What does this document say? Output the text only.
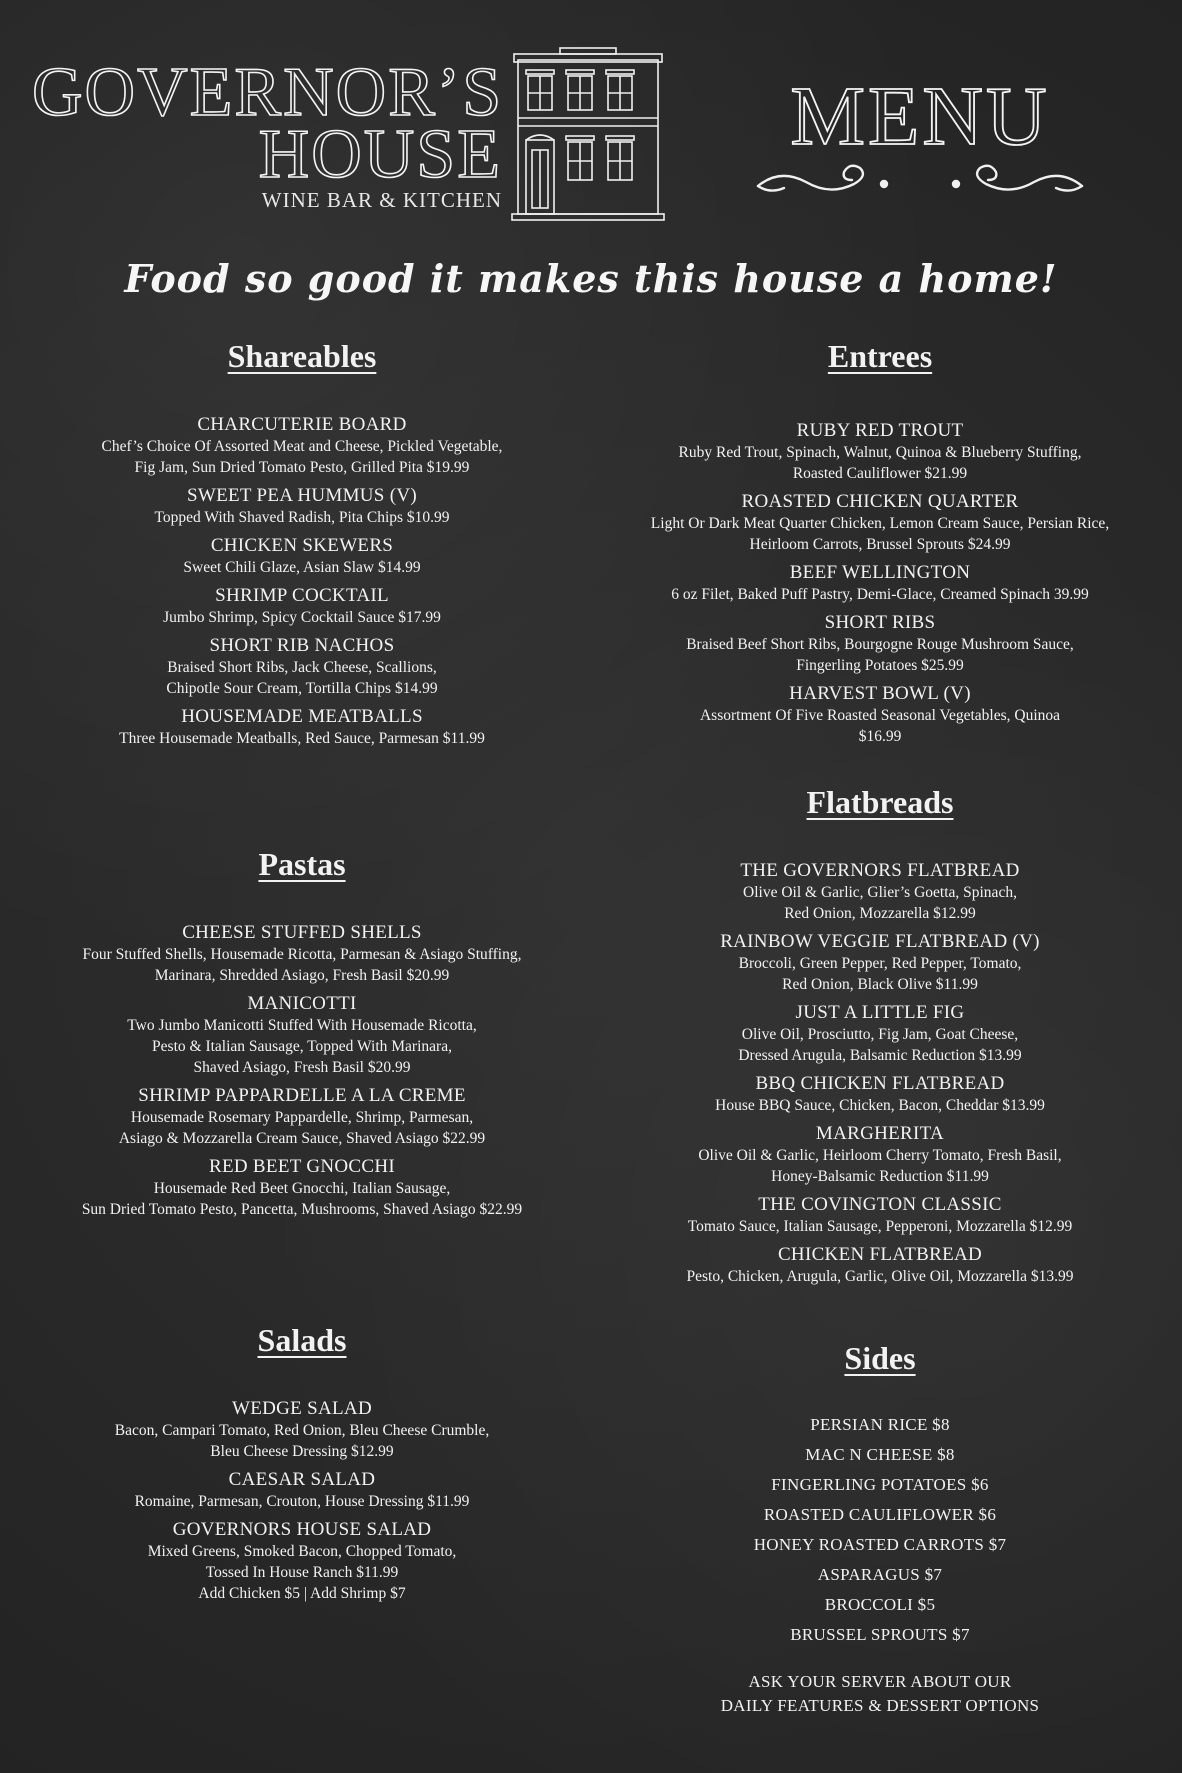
GOVERNOR’S
HOUSE
WINE BAR & KITCHEN
MENU
Food so good it makes this house a home!
Shareables
CHARCUTERIE BOARD
Chef’s Choice Of Assorted Meat and Cheese, Pickled Vegetable,
Fig Jam, Sun Dried Tomato Pesto, Grilled Pita $19.99
SWEET PEA HUMMUS (V)
Topped With Shaved Radish, Pita Chips $10.99
CHICKEN SKEWERS
Sweet Chili Glaze, Asian Slaw $14.99
SHRIMP COCKTAIL
Jumbo Shrimp, Spicy Cocktail Sauce $17.99
SHORT RIB NACHOS
Braised Short Ribs, Jack Cheese, Scallions,
Chipotle Sour Cream, Tortilla Chips $14.99
HOUSEMADE MEATBALLS
Three Housemade Meatballs, Red Sauce, Parmesan $11.99
Pastas
CHEESE STUFFED SHELLS
Four Stuffed Shells, Housemade Ricotta, Parmesan & Asiago Stuffing,
Marinara, Shredded Asiago, Fresh Basil $20.99
MANICOTTI
Two Jumbo Manicotti Stuffed With Housemade Ricotta,
Pesto & Italian Sausage, Topped With Marinara,
Shaved Asiago, Fresh Basil $20.99
SHRIMP PAPPARDELLE A LA CREME
Housemade Rosemary Pappardelle, Shrimp, Parmesan,
Asiago & Mozzarella Cream Sauce, Shaved Asiago $22.99
RED BEET GNOCCHI
Housemade Red Beet Gnocchi, Italian Sausage,
Sun Dried Tomato Pesto, Pancetta, Mushrooms, Shaved Asiago $22.99
Salads
WEDGE SALAD
Bacon, Campari Tomato, Red Onion, Bleu Cheese Crumble,
Bleu Cheese Dressing $12.99
CAESAR SALAD
Romaine, Parmesan, Crouton, House Dressing $11.99
GOVERNORS HOUSE SALAD
Mixed Greens, Smoked Bacon, Chopped Tomato,
Tossed In House Ranch $11.99
Add Chicken $5 | Add Shrimp $7
Entrees
RUBY RED TROUT
Ruby Red Trout, Spinach, Walnut, Quinoa & Blueberry Stuffing,
Roasted Cauliflower $21.99
ROASTED CHICKEN QUARTER
Light Or Dark Meat Quarter Chicken, Lemon Cream Sauce, Persian Rice,
Heirloom Carrots, Brussel Sprouts $24.99
BEEF WELLINGTON
6 oz Filet, Baked Puff Pastry, Demi-Glace, Creamed Spinach 39.99
SHORT RIBS
Braised Beef Short Ribs, Bourgogne Rouge Mushroom Sauce,
Fingerling Potatoes $25.99
HARVEST BOWL (V)
Assortment Of Five Roasted Seasonal Vegetables, Quinoa
$16.99
Flatbreads
THE GOVERNORS FLATBREAD
Olive Oil & Garlic, Glier’s Goetta, Spinach,
Red Onion, Mozzarella $12.99
RAINBOW VEGGIE FLATBREAD (V)
Broccoli, Green Pepper, Red Pepper, Tomato,
Red Onion, Black Olive $11.99
JUST A LITTLE FIG
Olive Oil, Prosciutto, Fig Jam, Goat Cheese,
Dressed Arugula, Balsamic Reduction $13.99
BBQ CHICKEN FLATBREAD
House BBQ Sauce, Chicken, Bacon, Cheddar $13.99
MARGHERITA
Olive Oil & Garlic, Heirloom Cherry Tomato, Fresh Basil,
Honey-Balsamic Reduction $11.99
THE COVINGTON CLASSIC
Tomato Sauce, Italian Sausage, Pepperoni, Mozzarella $12.99
CHICKEN FLATBREAD
Pesto, Chicken, Arugula, Garlic, Olive Oil, Mozzarella $13.99
Sides
PERSIAN RICE $8
MAC N CHEESE $8
FINGERLING POTATOES $6
ROASTED CAULIFLOWER $6
HONEY ROASTED CARROTS $7
ASPARAGUS $7
BROCCOLI $5
BRUSSEL SPROUTS $7
ASK YOUR SERVER ABOUT OUR
DAILY FEATURES & DESSERT OPTIONS
